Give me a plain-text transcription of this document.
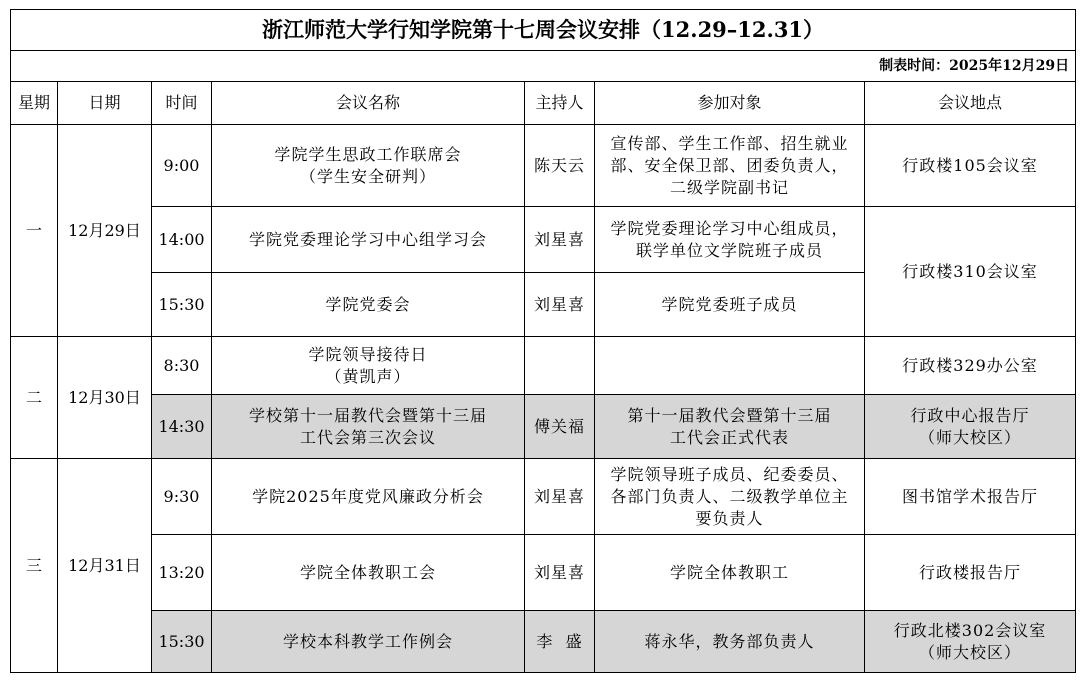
浙江师范大学行知学院第十七周会议安排（12.29–12.31）						
制表时间：2025年12月29日						
星期	日期	时间	会议名称	主持人	参加对象	会议地点
一	12月29日	9:00	学院学生思政工作联席会
（学生安全研判）	陈天云	宣传部、学生工作部、招生就业
部、安全保卫部、团委负责人，
二级学院副书记	行政楼105会议室
		14:00	学院党委理论学习中心组学习会	刘星喜	学院党委理论学习中心组成员，
联学单位文学院班子成员	行政楼310会议室
		15:30	学院党委会	刘星喜	学院党委班子成员	
二	12月30日	8:30	学院领导接待日
（黄凯声）			行政楼329办公室
		14:30	学校第十一届教代会暨第十三届
工代会第三次会议	傅关福	第十一届教代会暨第十三届
工代会正式代表	行政中心报告厅
（师大校区）

三	12月31日	9:30	学院2025年度党风廉政分析会	刘星喜	学院领导班子成员、纪委委员、
各部门负责人、二级教学单位主
要负责人	图书馆学术报告厅
		13:20	学院全体教职工会	刘星喜	学院全体教职工	行政楼报告厅
		15:30	学校本科教学工作例会	李  盛	蒋永华，教务部负责人	行政北楼302会议室
（师大校区）
